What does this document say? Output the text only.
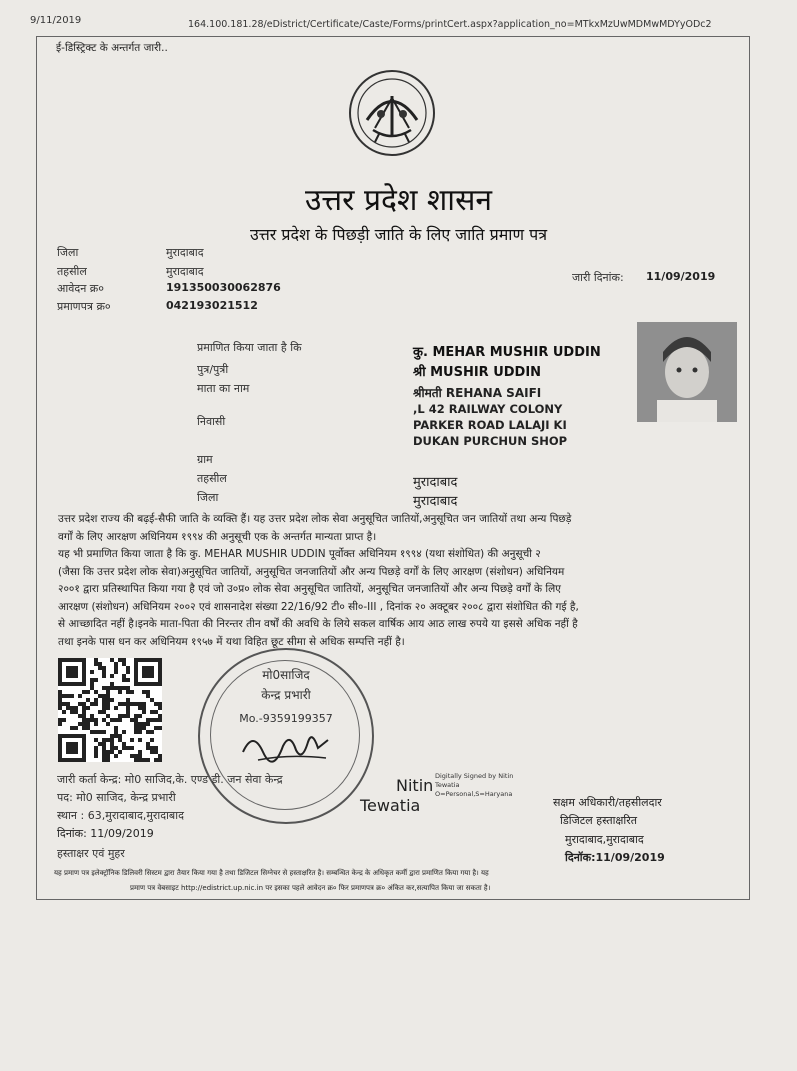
9/11/2019	164.100.181.28/eDistrict/Certificate/Caste/Forms/printCert.aspx?application_no=MTkxMzUwMDMwMDYyODc2
ई-डिस्ट्रिक्ट के अन्तर्गत जारी..
उत्तर प्रदेश शासन
उत्तर प्रदेश के पिछड़ी जाति के लिए जाति प्रमाण पत्र
जिला	मुरादाबाद
तहसील	मुरादाबाद
आवेदन क्र०	191350030062876
प्रमाणपत्र क्र०	042193021512
जारी दिनांक: 11/09/2019
प्रमाणित किया जाता है कि	कु. MEHAR MUSHIR UDDIN
पुत्र/पुत्री	श्री MUSHIR UDDIN
माता का नाम	श्रीमती REHANA SAIFI
,L 42 RAILWAY COLONY
निवासी	PARKER ROAD LALAJI KI
DUKAN PURCHUN SHOP
ग्राम
तहसील	मुरादाबाद
जिला	मुरादाबाद

उत्तर प्रदेश राज्य की बढ़ई-सैफी जाति के व्यक्ति हैं। यह उत्तर प्रदेश लोक सेवा अनुसूचित जातियों,अनुसूचित जन जातियों तथा अन्य पिछड़े

वर्गों के लिए आरक्षण अधिनियम १९९४ की अनुसूची एक के अन्तर्गत मान्यता प्राप्त है।

यह भी प्रमाणित किया जाता है कि कु. MEHAR MUSHIR UDDIN पूर्वोक्त अधिनियम १९९४ (यथा संशोधित) की अनुसूची २

(जैसा कि उत्तर प्रदेश लोक सेवा)अनुसूचित जातियों, अनुसूचित जनजातियों और अन्य पिछड़े वर्गों के लिए आरक्षण (संशोधन) अधिनियम

२००१ द्वारा प्रतिस्थापित किया गया है एवं जो उ०प्र० लोक सेवा अनुसूचित जातियों, अनुसूचित जनजातियों और अन्य पिछड़े वर्गों के लिए

आरक्षण (संशोधन) अधिनियम २००२ एवं शासनादेश संख्या 22/16/92 टी० सी०-III , दिनांक २० अक्टूबर २००८ द्वारा संशोधित की गई है,

से आच्छादित नहीं है।इनके माता-पिता की निरन्तर तीन वर्षों की अवधि के लिये सकल वार्षिक आय आठ लाख रुपये या इससे अधिक नहीं है

तथा इनके पास धन कर अधिनियम १९५७ में यथा विहित छूट सीमा से अधिक सम्पत्ति नहीं है।

मो0साजिद
केन्द्र प्रभारी
Mo.-9359199357
जारी कर्ता केन्द्र: मो0 साजिद,के. एण्ड डी. जन सेवा केन्द्र
पद: मो0 साजिद, केन्द्र प्रभारी
स्थान : 63,मुरादाबाद,मुरादाबाद
दिनांक: 11/09/2019
हस्ताक्षर एवं मुहर
Nitin
Tewatia
Digitally Signed by Nitin
Tewatia
O=Personal,S=Haryana
सक्षम अधिकारी/तहसीलदार
डिजिटल हस्ताक्षरित
मुरादाबाद,मुरादाबाद
दिनॉक:11/09/2019
यह प्रमाण पत्र इलेक्ट्रॉनिक डिलिवरी सिस्टम द्वारा तैयार किया गया है तथा डिजिटल सिग्नेचर से हस्ताक्षरित है। सम्बन्धित केन्द्र के अधिकृत कर्मी द्वारा प्रमाणित किया गया है। यह
प्रमाण पत्र वेबसाइट http://edistrict.up.nic.in पर इसका पहले आवेदन क्र० फिर प्रमाणपत्र क्र० अंकित कर,सत्यापित किया जा सकता है।
